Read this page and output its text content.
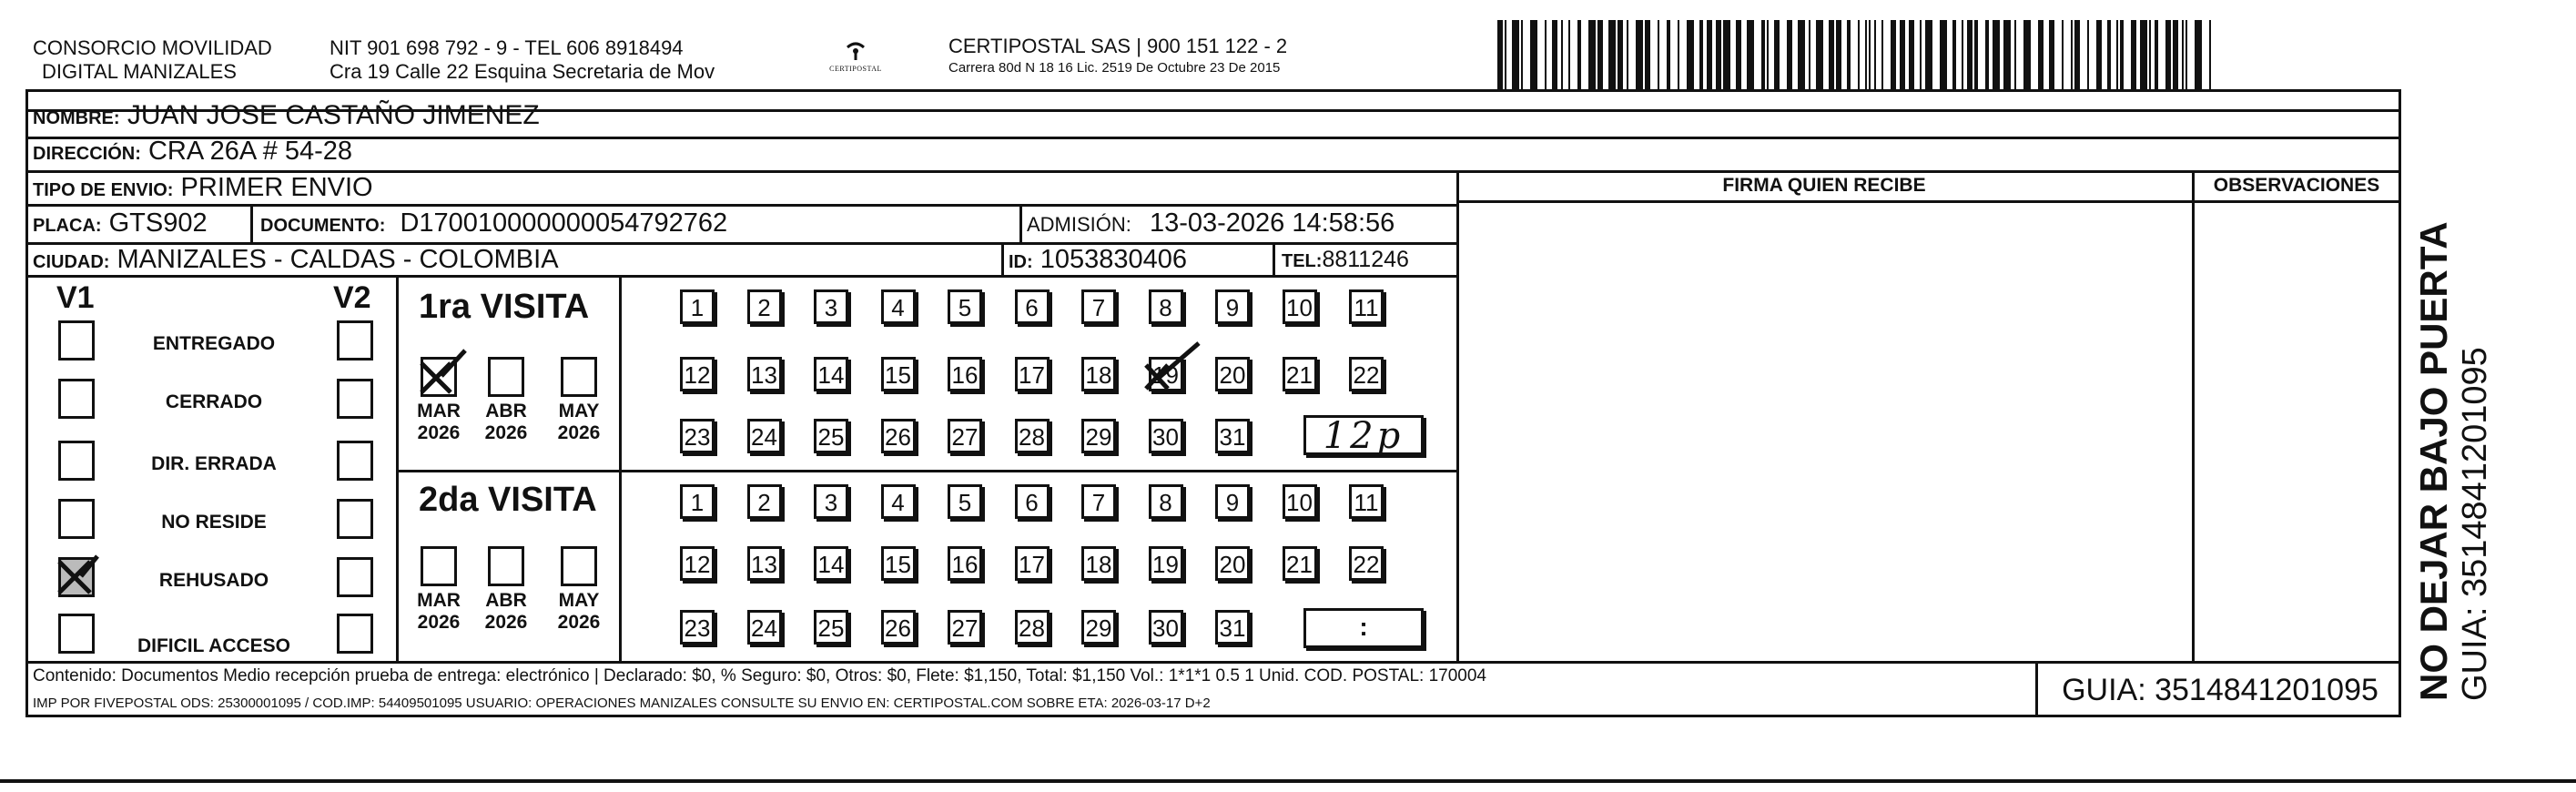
CONSORCIO MOVILIDAD
DIGITAL MANIZALES
NIT 901 698 792 - 9 - TEL 606 8918494
Cra 19 Calle 22 Esquina Secretaria de Mov	CERTIPOSTAL
CERTIPOSTAL SAS | 900 151 122 - 2
Carrera 80d N 18 16 Lic. 2519 De Octubre 23 De 2015
NOMBRE: JUAN JOSE CASTAÑO JIMENEZ
DIRECCIÓN: CRA 26A # 54-28
TIPO DE ENVIO: PRIMER ENVIO
PLACA: GTS902	DOCUMENTO: D170010000000054792762	ADMISIÓN: 13-03-2026 14:58:56
CIUDAD: MANIZALES - CALDAS - COLOMBIA	ID: 1053830406	TEL:8811246
FIRMA QUIEN RECIBE	OBSERVACIONES
V1	V2
ENTREGADO
CERRADO
DIR. ERRADA
NO RESIDE
REHUSADO
DIFICIL ACCESO
1ra VISITA
2da VISITA
MAR
2026
ABR
2026
MAY
2026
MAR
2026
ABR
2026
MAY
2026
1	2	3	4	5	6	7	8	9	10 11
12 13 14 15 16 17 18 19 20 21 22
23 24 25 26 27 28 29 30 31
1	2	3	4	5	6	7	8	9	10 11
12 13 14 15 16 17 18 19 20 21 22
23 24 25 26 27 28 29 30 31
12p
:	NO DEJAR BAJO PUERTA GUIA: 3514841201095
Contenido: Documentos Medio recepción prueba de entrega: electrónico | Declarado: $0, % Seguro: $0, Otros: $0, Flete: $1,150, Total: $1,150 Vol.: 1*1*1 0.5 1 Unid. COD. POSTAL: 170004
IMP POR FIVEPOSTAL ODS: 25300001095 / COD.IMP: 54409501095 USUARIO: OPERACIONES MANIZALES CONSULTE SU ENVIO EN: CERTIPOSTAL.COM SOBRE ETA: 2026-03-17 D+2	GUIA: 3514841201095
